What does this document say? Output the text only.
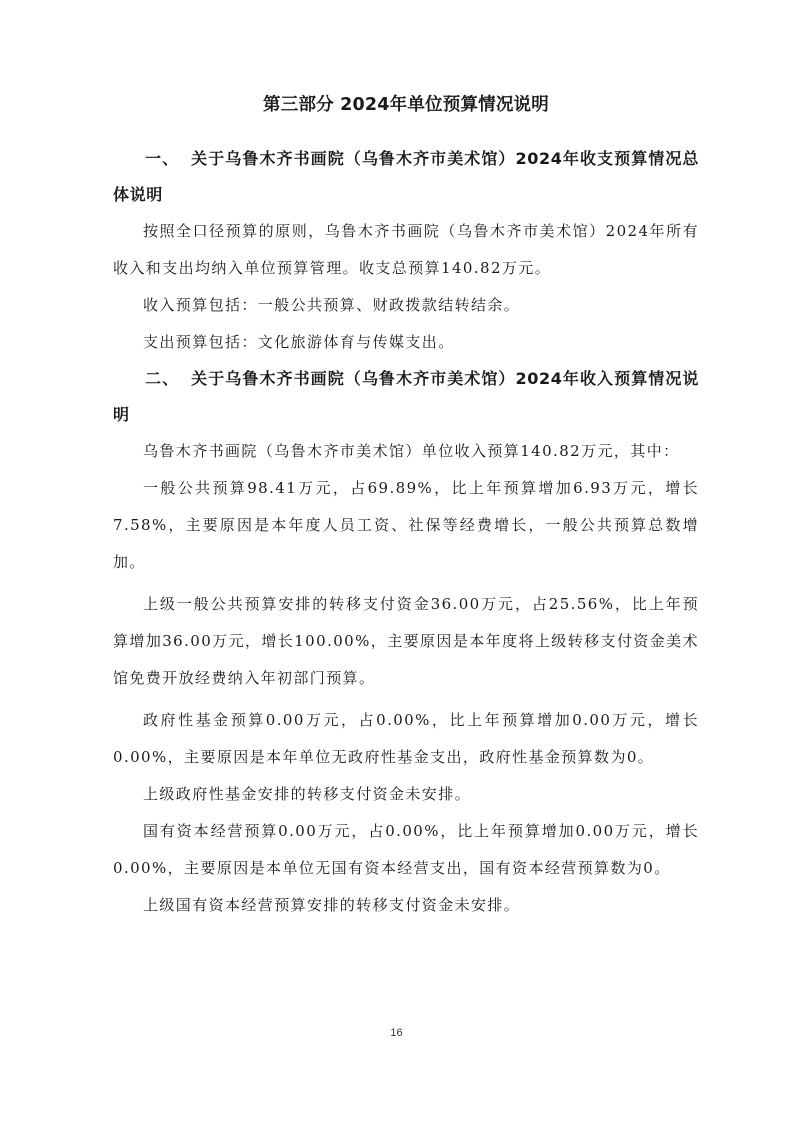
第三部分 2024年单位预算情况说明

一、 关于乌鲁木齐书画院（乌鲁木齐市美术馆）2024年收支预算情况总体说明

按照全口径预算的原则，乌鲁木齐书画院（乌鲁木齐市美术馆）2024年所有收入和支出均纳入单位预算管理。收支总预算140.82万元。

收入预算包括：一般公共预算、财政拨款结转结余。

支出预算包括：文化旅游体育与传媒支出。

二、 关于乌鲁木齐书画院（乌鲁木齐市美术馆）2024年收入预算情况说明

乌鲁木齐书画院（乌鲁木齐市美术馆）单位收入预算140.82万元，其中：

一般公共预算98.41万元，占69.89%，比上年预算增加6.93万元，增长7.58%，主要原因是本年度人员工资、社保等经费增长，一般公共预算总数增加。

上级一般公共预算安排的转移支付资金36.00万元，占25.56%，比上年预算增加36.00万元，增长100.00%，主要原因是本年度将上级转移支付资金美术馆免费开放经费纳入年初部门预算。

政府性基金预算0.00万元，占0.00%，比上年预算增加0.00万元，增长0.00%，主要原因是本年单位无政府性基金支出，政府性基金预算数为0。

上级政府性基金安排的转移支付资金未安排。

国有资本经营预算0.00万元，占0.00%，比上年预算增加0.00万元，增长0.00%，主要原因是本单位无国有资本经营支出，国有资本经营预算数为0。

上级国有资本经营预算安排的转移支付资金未安排。

16
